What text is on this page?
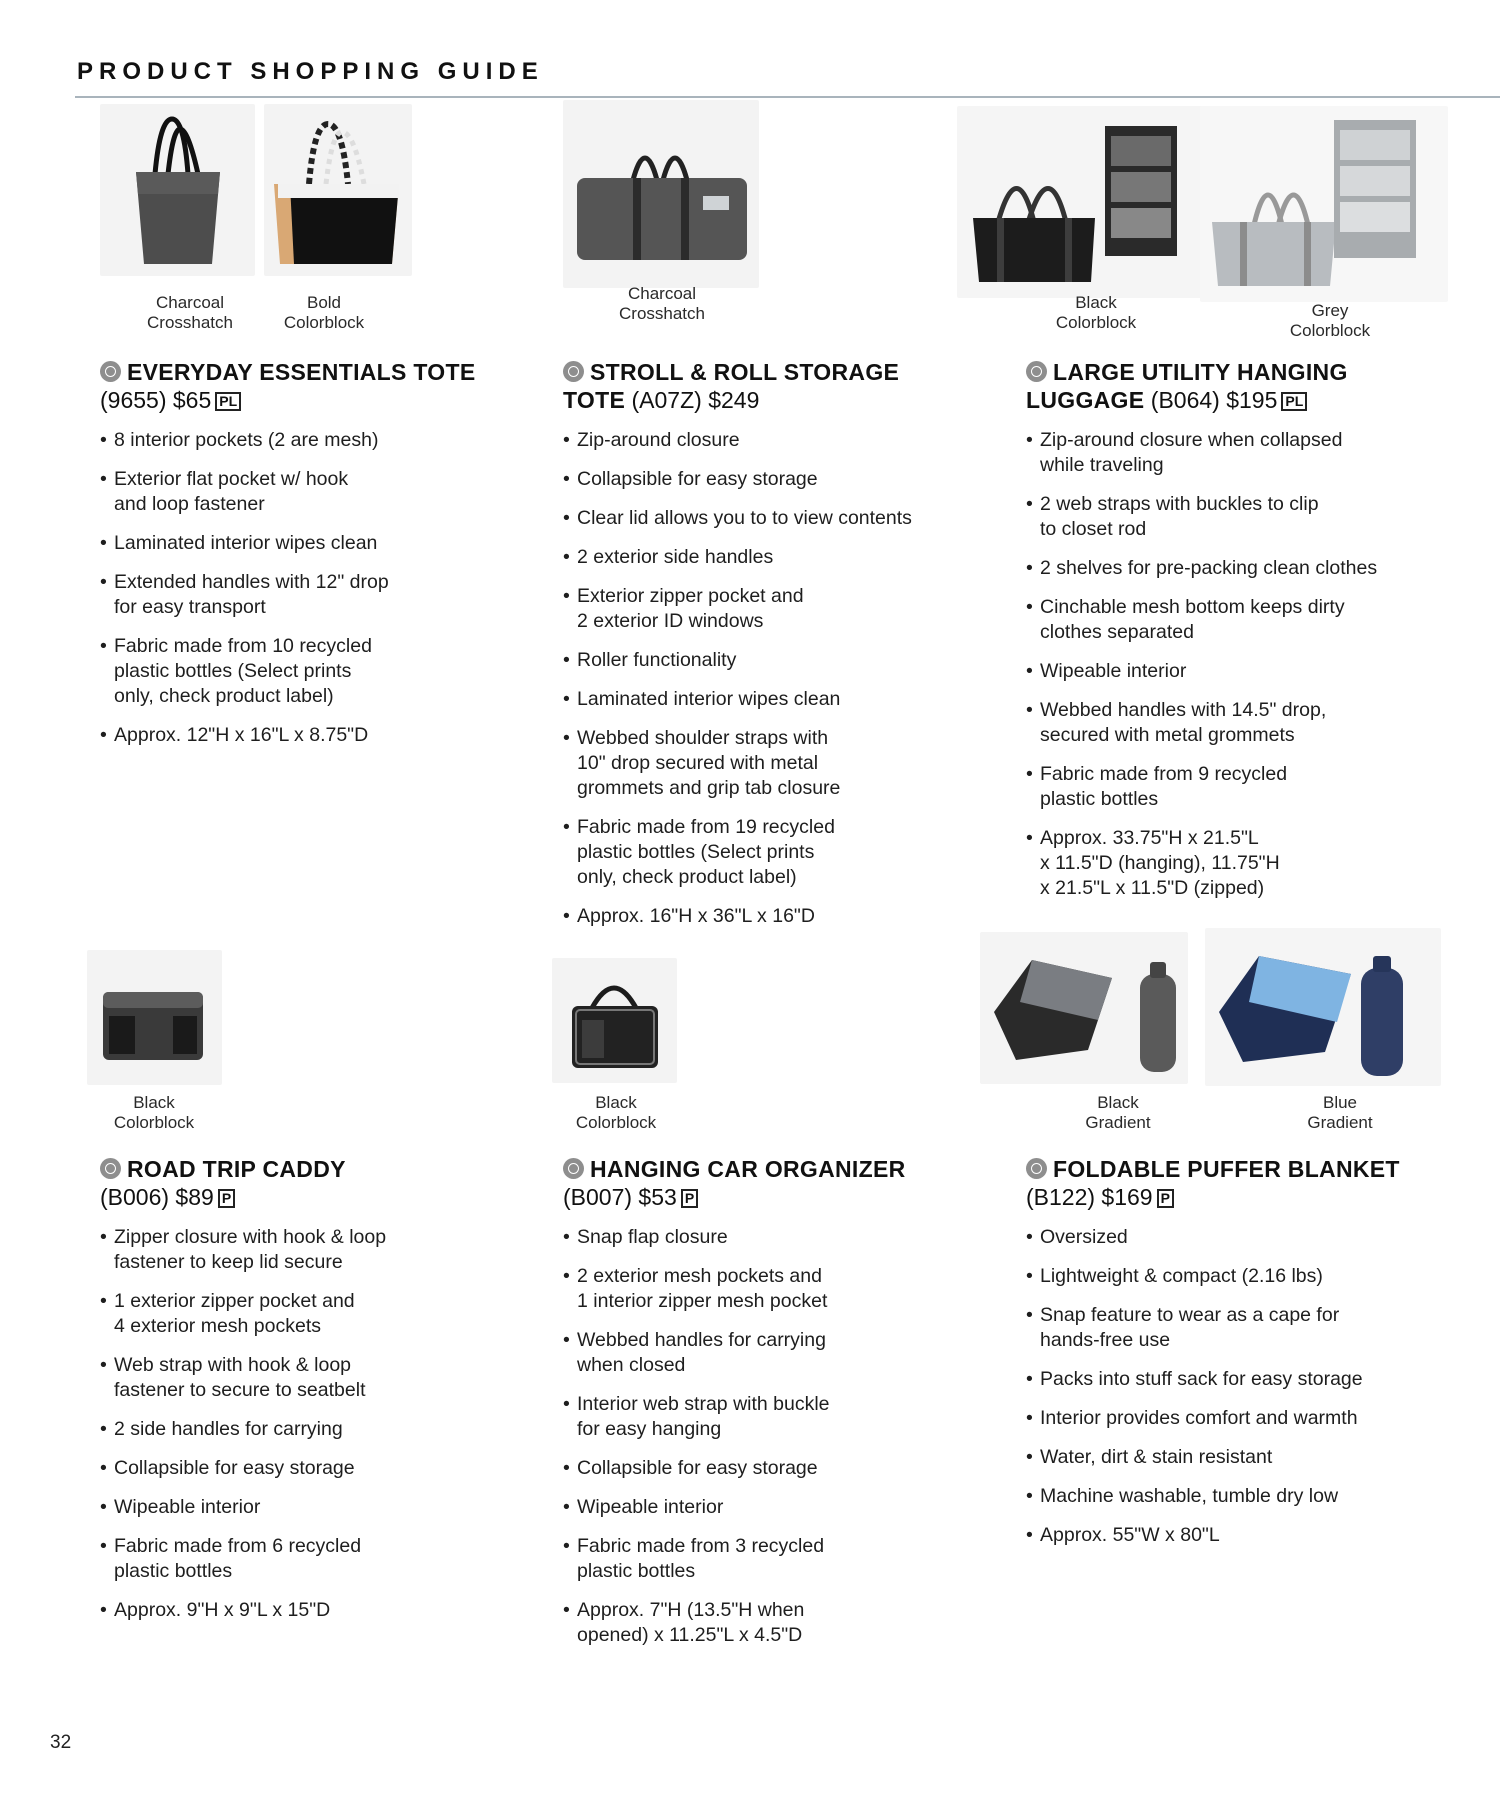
PRODUCT SHOPPING GUIDE
Charcoal
Crosshatch
Bold
Colorblock
EVERYDAY ESSENTIALS TOTE
(9655) $65 PL
• 8 interior pockets (2 are mesh)
• Exterior flat pocket w/ hook
and loop fastener
• Laminated interior wipes clean
• Extended handles with 12" drop
for easy transport
• Fabric made from 10 recycled
plastic bottles (Select prints
only, check product label)
• Approx. 12"H x 16"L x 8.75"D
Charcoal
Crosshatch
STROLL & ROLL STORAGE
TOTE (A07Z) $249
• Zip-around closure
• Collapsible for easy storage
• Clear lid allows you to to view contents
• 2 exterior side handles
• Exterior zipper pocket and
2 exterior ID windows
• Roller functionality
• Laminated interior wipes clean
• Webbed shoulder straps with
10" drop secured with metal
grommets and grip tab closure
• Fabric made from 19 recycled
plastic bottles (Select prints
only, check product label)
• Approx. 16"H x 36"L x 16"D
Black
Colorblock
Grey
Colorblock
LARGE UTILITY HANGING
LUGGAGE (B064) $195 PL
• Zip-around closure when collapsed
while traveling
• 2 web straps with buckles to clip
to closet rod
• 2 shelves for pre-packing clean clothes
• Cinchable mesh bottom keeps dirty
clothes separated
• Wipeable interior
• Webbed handles with 14.5" drop,
secured with metal grommets
• Fabric made from 9 recycled
plastic bottles
• Approx. 33.75"H x 21.5"L
x 11.5"D (hanging), 11.75"H
x 21.5"L x 11.5"D (zipped)
Black
Colorblock
ROAD TRIP CADDY
(B006) $89 P
• Zipper closure with hook & loop
fastener to keep lid secure
• 1 exterior zipper pocket and
4 exterior mesh pockets
• Web strap with hook & loop
fastener to secure to seatbelt
• 2 side handles for carrying
• Collapsible for easy storage
• Wipeable interior
• Fabric made from 6 recycled
plastic bottles
• Approx. 9"H x 9"L x 15"D
Black
Colorblock
HANGING CAR ORGANIZER
(B007) $53 P
• Snap flap closure
• 2 exterior mesh pockets and
1 interior zipper mesh pocket
• Webbed handles for carrying
when closed
• Interior web strap with buckle
for easy hanging
• Collapsible for easy storage
• Wipeable interior
• Fabric made from 3 recycled
plastic bottles
• Approx. 7"H (13.5"H when
opened) x 11.25"L x 4.5"D
Black
Gradient
Blue
Gradient
FOLDABLE PUFFER BLANKET
(B122) $169 P
• Oversized
• Lightweight & compact (2.16 lbs)
• Snap feature to wear as a cape for
hands-free use
• Packs into stuff sack for easy storage
• Interior provides comfort and warmth
• Water, dirt & stain resistant
• Machine washable, tumble dry low
• Approx. 55"W x 80"L
32
